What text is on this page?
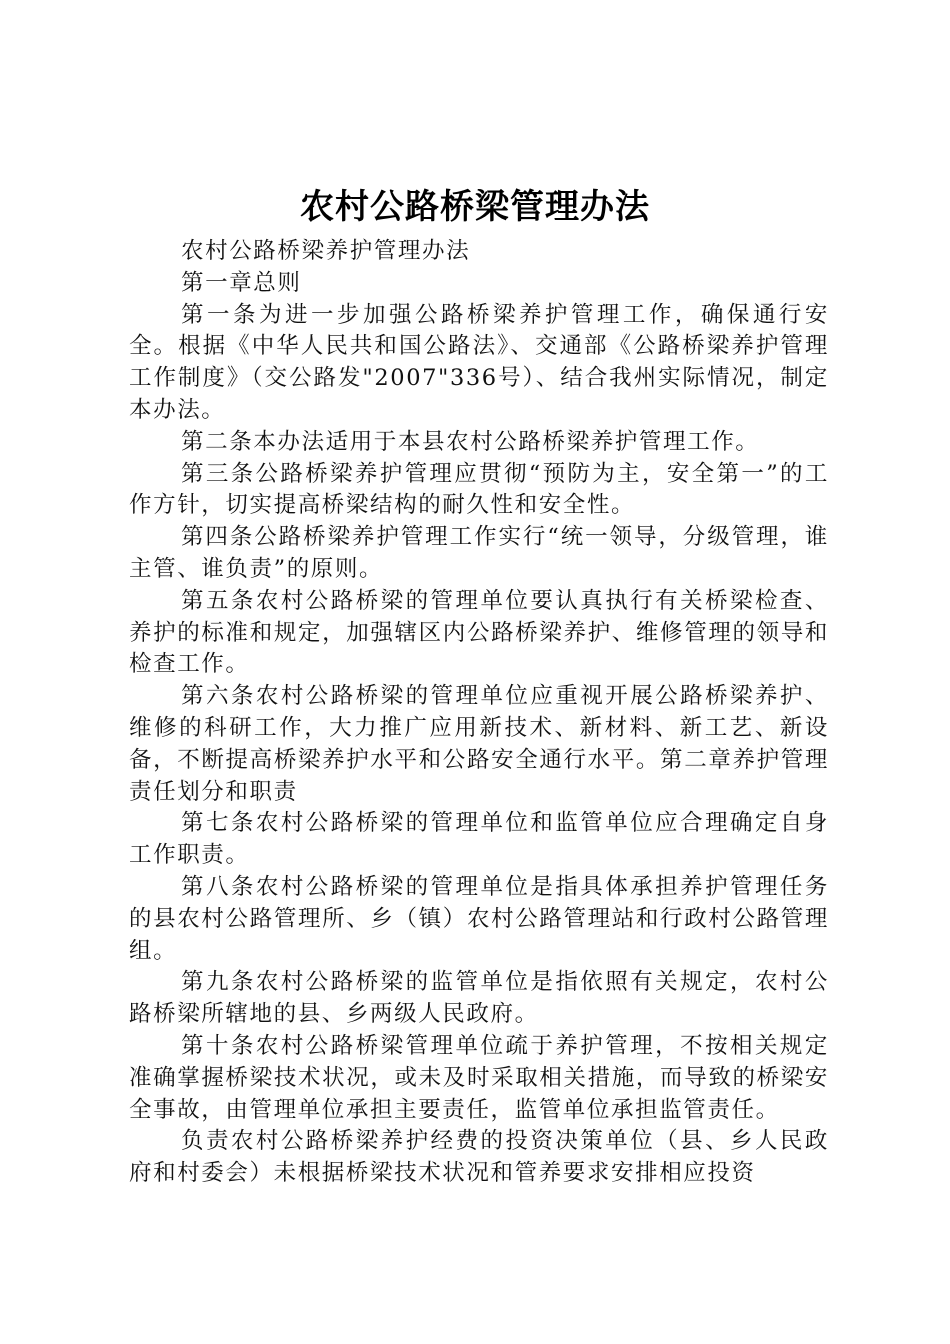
农村公路桥梁管理办法

农村公路桥梁养护管理办法

第一章总则

第一条为进一步加强公路桥梁养护管理工作，确保通行安全。根据《中华人民共和国公路法》、交通部《公路桥梁养护管理工作制度》（交公路发"2007"336号）、结合我州实际情况，制定本办法。

第二条本办法适用于本县农村公路桥梁养护管理工作。

第三条公路桥梁养护管理应贯彻“预防为主，安全第一”的工作方针，切实提高桥梁结构的耐久性和安全性。

第四条公路桥梁养护管理工作实行“统一领导，分级管理，谁主管、谁负责”的原则。

第五条农村公路桥梁的管理单位要认真执行有关桥梁检查、养护的标准和规定，加强辖区内公路桥梁养护、维修管理的领导和检查工作。

第六条农村公路桥梁的管理单位应重视开展公路桥梁养护、维修的科研工作，大力推广应用新技术、新材料、新工艺、新设备，不断提高桥梁养护水平和公路安全通行水平。第二章养护管理责任划分和职责

第七条农村公路桥梁的管理单位和监管单位应合理确定自身工作职责。

第八条农村公路桥梁的管理单位是指具体承担养护管理任务的县农村公路管理所、乡（镇）农村公路管理站和行政村公路管理组。

第九条农村公路桥梁的监管单位是指依照有关规定，农村公路桥梁所辖地的县、乡两级人民政府。

第十条农村公路桥梁管理单位疏于养护管理，不按相关规定准确掌握桥梁技术状况，或未及时采取相关措施，而导致的桥梁安全事故，由管理单位承担主要责任，监管单位承担监管责任。

负责农村公路桥梁养护经费的投资决策单位（县、乡人民政府和村委会）未根据桥梁技术状况和管养要求安排相应投资
